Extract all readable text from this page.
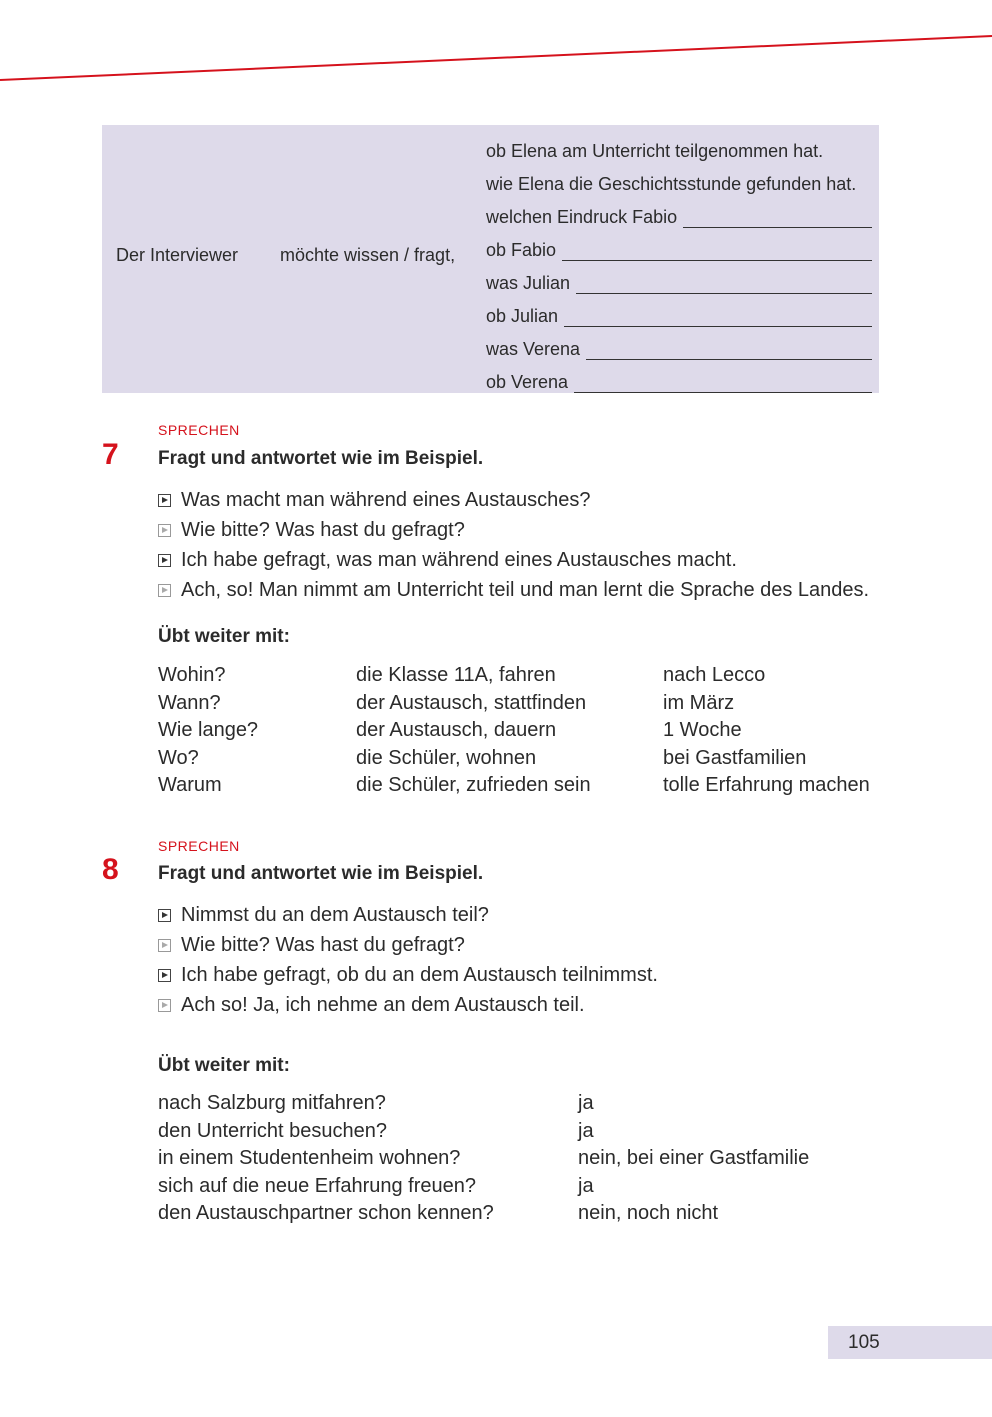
Der Interviewer möchte wissen / fragt,
ob Elena am Unterricht teilgenommen hat.
wie Elena die Geschichtsstunde gefunden hat.
welchen Eindruck Fabio
ob Fabio
was Julian
ob Julian
was Verena
ob Verena
SPRECHEN
7 Fragt und antwortet wie im Beispiel.
Was macht man während eines Austausches?
Wie bitte? Was hast du gefragt?
Ich habe gefragt, was man während eines Austausches macht.
Ach, so! Man nimmt am Unterricht teil und man lernt die Sprache des Landes.
Übt weiter mit:
Wohin?	die Klasse 11A, fahren	nach Lecco
Wann?	der Austausch, stattfinden	im März
Wie lange?	der Austausch, dauern	1 Woche
Wo?	die Schüler, wohnen	bei Gastfamilien
Warum	die Schüler, zufrieden sein	tolle Erfahrung machen
SPRECHEN
8 Fragt und antwortet wie im Beispiel.
Nimmst du an dem Austausch teil?
Wie bitte? Was hast du gefragt?
Ich habe gefragt, ob du an dem Austausch teilnimmst.
Ach so! Ja, ich nehme an dem Austausch teil.
Übt weiter mit:
nach Salzburg mitfahren?	ja
den Unterricht besuchen?	ja
in einem Studentenheim wohnen?	nein, bei einer Gastfamilie
sich auf die neue Erfahrung freuen?	ja
den Austauschpartner schon kennen?	nein, noch nicht
105
